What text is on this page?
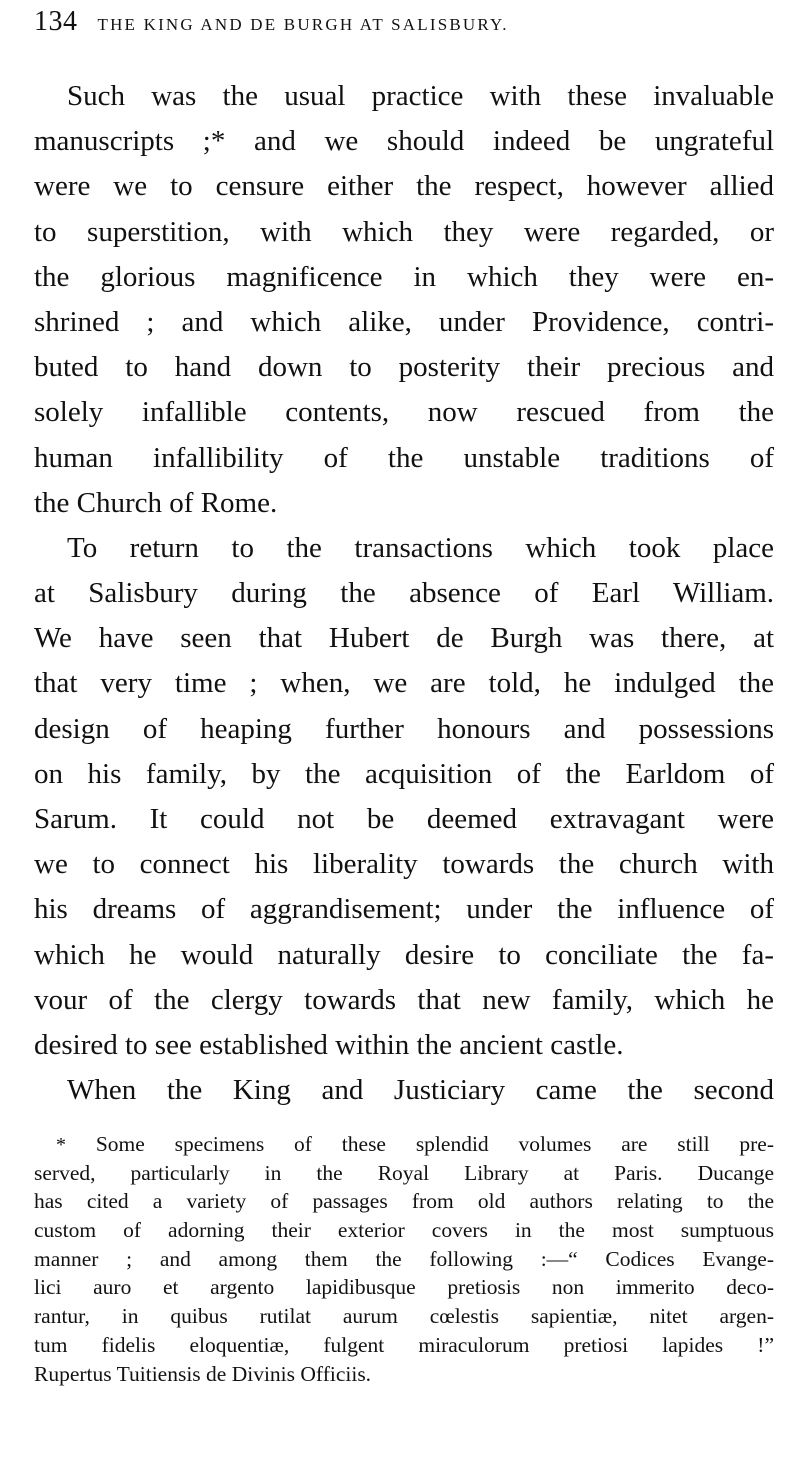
134 THE KING AND DE BURGH AT SALISBURY.
Such was the usual practice with these invaluable
manuscripts ;* and we should indeed be ungrateful
were we to censure either the respect, however allied
to superstition, with which they were regarded, or
the glorious magnificence in which they were en-
shrined ; and which alike, under Providence, contri-
buted to hand down to posterity their precious and
solely infallible contents, now rescued from the
human infallibility of the unstable traditions of
the Church of Rome.
To return to the transactions which took place
at Salisbury during the absence of Earl William.
We have seen that Hubert de Burgh was there, at
that very time ; when, we are told, he indulged the
design of heaping further honours and possessions
on his family, by the acquisition of the Earldom of
Sarum. It could not be deemed extravagant were
we to connect his liberality towards the church with
his dreams of aggrandisement; under the influence of
which he would naturally desire to conciliate the fa-
vour of the clergy towards that new family, which he
desired to see established within the ancient castle.
When the King and Justiciary came the second
* Some specimens of these splendid volumes are still pre-
served, particularly in the Royal Library at Paris. Ducange
has cited a variety of passages from old authors relating to the
custom of adorning their exterior covers in the most sumptuous
manner ; and among them the following :—“ Codices Evange-
lici auro et argento lapidibusque pretiosis non immerito deco-
rantur, in quibus rutilat aurum cœlestis sapientiæ, nitet argen-
tum fidelis eloquentiæ, fulgent miraculorum pretiosi lapides !”
Rupertus Tuitiensis de Divinis Officiis.
